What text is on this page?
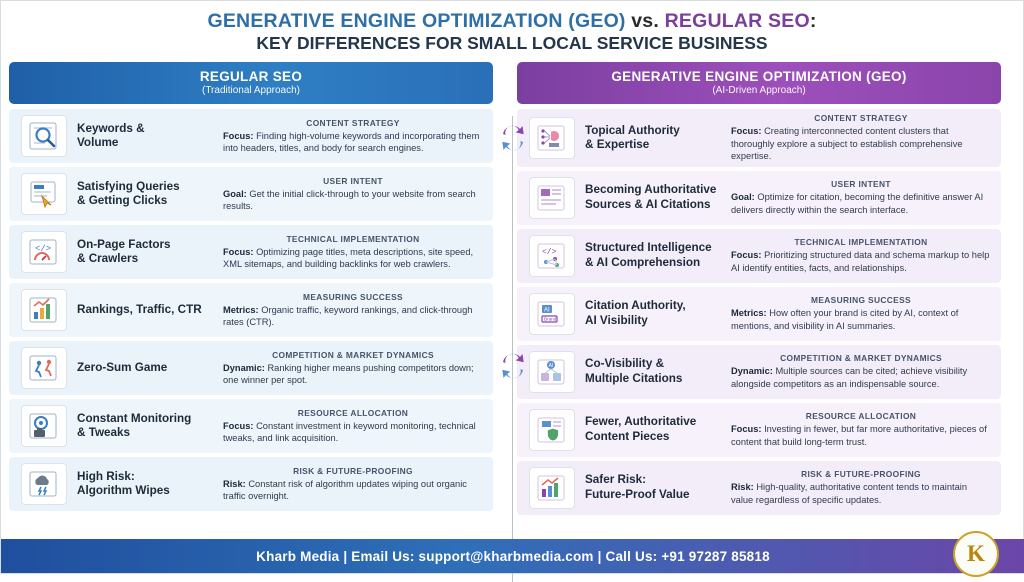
GENERATIVE ENGINE OPTIMIZATION (GEO) vs. REGULAR SEO:
KEY DIFFERENCES FOR SMALL LOCAL SERVICE BUSINESS
REGULAR SEO
(Traditional Approach)
Keywords &
Volume
CONTENT STRATEGY
Focus: Finding high-volume keywords and incorporating them into headers, titles, and body for search engines.
Satisfying Queries
& Getting Clicks
USER INTENT
Goal: Get the initial click-through to your website from search results.
</> On-Page Factors
& Crawlers
TECHNICAL IMPLEMENTATION
Focus: Optimizing page titles, meta descriptions, site speed, XML sitemaps, and building backlinks for web crawlers.
Rankings, Traffic, CTR
MEASURING SUCCESS
Metrics: Organic traffic, keyword rankings, and click-through rates (CTR).
Zero-Sum Game
COMPETITION & MARKET DYNAMICS
Dynamic: Ranking higher means pushing competitors down; one winner per spot.
Constant Monitoring
& Tweaks
RESOURCE ALLOCATION
Focus: Constant investment in keyword monitoring, technical tweaks, and link acquisition.
High Risk:
Algorithm Wipes
RISK & FUTURE-PROOFING
Risk: Constant risk of algorithm updates wiping out organic traffic overnight.
GENERATIVE ENGINE OPTIMIZATION (GEO)
(AI-Driven Approach)
Topical Authority
& Expertise
CONTENT STRATEGY
Focus: Creating interconnected content clusters that thoroughly explore a subject to establish comprehensive expertise.
Becoming Authoritative
Sources & AI Citations
USER INTENT
Goal: Optimize for citation, becoming the definitive answer AI delivers directly within the search interface.
</> Structured Intelligence
& AI Comprehension
TECHNICAL IMPLEMENTATION
Focus: Prioritizing structured data and schema markup to help AI identify entities, facts, and relationships.
AI
Brand
Citation Authority,
AI Visibility
MEASURING SUCCESS
Metrics: How often your brand is cited by AI, context of mentions, and visibility in AI summaries.
AI	Co-Visibility &
Multiple Citations
COMPETITION & MARKET DYNAMICS
Dynamic: Multiple sources can be cited; achieve visibility alongside competitors as an indispensable source.
Fewer, Authoritative
Content Pieces
RESOURCE ALLOCATION
Focus: Investing in fewer, but far more authoritative, pieces of content that build long-term trust.
Safer Risk:
Future-Proof Value
RISK & FUTURE-PROOFING
Risk: High-quality, authoritative content tends to maintain value regardless of specific updates.
Kharb Media | Email Us: support@kharbmedia.com | Call Us: +91 97287 85818	K
